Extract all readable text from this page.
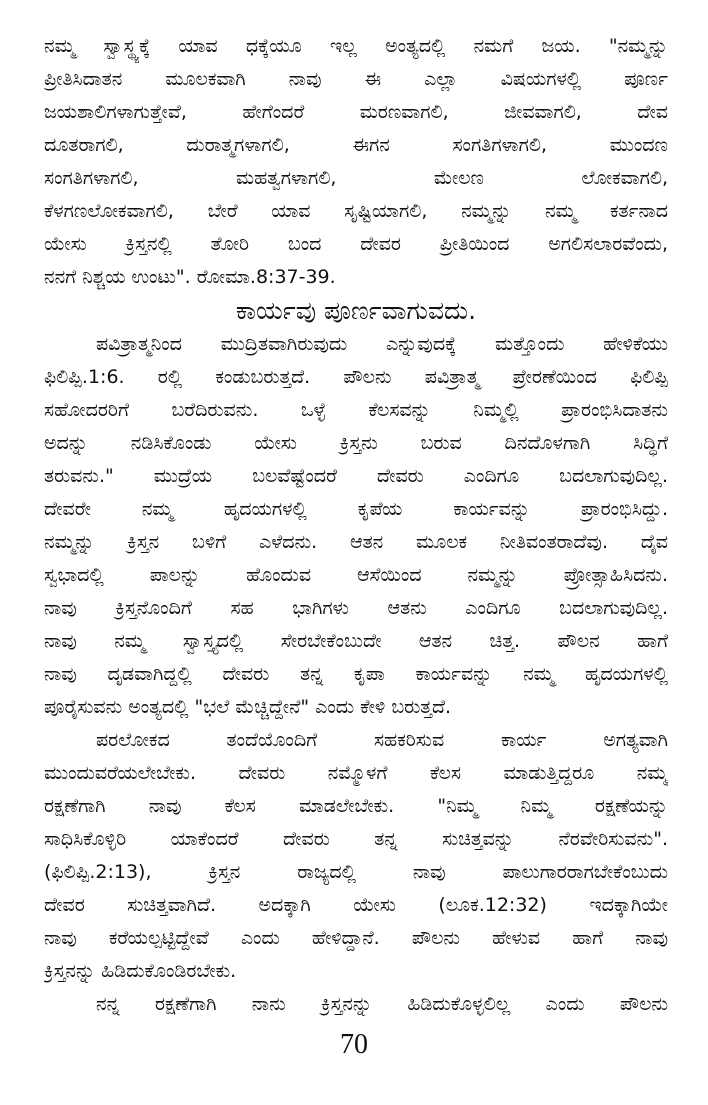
ನಮ್ಮ ಸ್ವಾಸ್ಥ್ಯಕ್ಕೆ ಯಾವ ಧಕ್ಕೆಯೂ ಇಲ್ಲ ಅಂತ್ಯದಲ್ಲಿ ನಮಗೆ ಜಯ. "ನಮ್ಮನ್ನು
ಪ್ರೀತಿಸಿದಾತನ ಮೂಲಕವಾಗಿ ನಾವು ಈ ಎಲ್ಲಾ ವಿಷಯಗಳಲ್ಲಿ ಪೂರ್ಣ
ಜಯಶಾಲಿಗಳಾಗುತ್ತೇವೆ, ಹೇಗೆಂದರೆ ಮರಣವಾಗಲಿ, ಜೀವವಾಗಲಿ, ದೇವ
ದೂತರಾಗಲಿ, ದುರಾತ್ಮಗಳಾಗಲಿ, ಈಗನ ಸಂಗತಿಗಳಾಗಲಿ, ಮುಂದಣ
ಸಂಗತಿಗಳಾಗಲಿ, ಮಹತ್ವಗಳಾಗಲಿ, ಮೇಲಣ ಲೋಕವಾಗಲಿ,
ಕೆಳಗಣಲೋಕವಾಗಲಿ, ಬೇರೆ ಯಾವ ಸೃಷ್ಟಿಯಾಗಲಿ, ನಮ್ಮನ್ನು ನಮ್ಮ ಕರ್ತನಾದ
ಯೇಸು ಕ್ರಿಸ್ತನಲ್ಲಿ ತೋರಿ ಬಂದ ದೇವರ ಪ್ರೀತಿಯಿಂದ ಅಗಲಿಸಲಾರವೆಂದು,
ನನಗೆ ನಿಶ್ಚಯ ಉಂಟು". ರೋಮಾ.8:37-39.
ಕಾರ್ಯವು ಪೂರ್ಣವಾಗುವದು.
ಪವಿತ್ರಾತ್ಮನಿಂದ ಮುದ್ರಿತವಾಗಿರುವುದು ಎನ್ನುವುದಕ್ಕೆ ಮತ್ತೊಂದು ಹೇಳಿಕೆಯು
ಫಿಲಿಪ್ಪಿ.1:6. ರಲ್ಲಿ ಕಂಡುಬರುತ್ತದೆ. ಪೌಲನು ಪವಿತ್ರಾತ್ಮ ಪ್ರೇರಣೆಯಿಂದ ಫಿಲಿಪ್ಪಿ
ಸಹೋದರರಿಗೆ ಬರೆದಿರುವನು. ಒಳ್ಳೆ ಕೆಲಸವನ್ನು ನಿಮ್ಮಲ್ಲಿ ಪ್ರಾರಂಭಿಸಿದಾತನು
ಅದನ್ನು ನಡಿಸಿಕೊಂಡು ಯೇಸು ಕ್ರಿಸ್ತನು ಬರುವ ದಿನದೊಳಗಾಗಿ ಸಿದ್ಧಿಗೆ
ತರುವನು." ಮುದ್ರೆಯ ಬಲವೆಷ್ಟೆಂದರೆ ದೇವರು ಎಂದಿಗೂ ಬದಲಾಗುವುದಿಲ್ಲ.
ದೇವರೇ ನಮ್ಮ ಹೃದಯಗಳಲ್ಲಿ ಕೃಪೆಯ ಕಾರ್ಯವನ್ನು ಪ್ರಾರಂಭಿಸಿದ್ದು.
ನಮ್ಮನ್ನು ಕ್ರಿಸ್ತನ ಬಳಿಗೆ ಎಳೆದನು. ಆತನ ಮೂಲಕ ನೀತಿವಂತರಾದೆವು. ದೈವ
ಸ್ವಭಾದಲ್ಲಿ ಪಾಲನ್ನು ಹೊಂದುವ ಆಸೆಯಿಂದ ನಮ್ಮನ್ನು ಪ್ರೋತ್ಸಾಹಿಸಿದನು.
ನಾವು ಕ್ರಿಸ್ತನೊಂದಿಗೆ ಸಹ ಭಾಗಿಗಳು ಆತನು ಎಂದಿಗೂ ಬದಲಾಗುವುದಿಲ್ಲ.
ನಾವು ನಮ್ಮ ಸ್ವಾಸ್ತ್ಯದಲ್ಲಿ ಸೇರಬೇಕೆಂಬುದೇ ಆತನ ಚಿತ್ತ. ಪೌಲನ ಹಾಗೆ
ನಾವು ದೃಡವಾಗಿದ್ದಲ್ಲಿ ದೇವರು ತನ್ನ ಕೃಪಾ ಕಾರ್ಯವನ್ನು ನಮ್ಮ ಹೃದಯಗಳಲ್ಲಿ
ಪೂರೈಸುವನು ಅಂತ್ಯದಲ್ಲಿ "ಭಲೆ ಮೆಚ್ಚಿದ್ದೇನೆ" ಎಂದು ಕೇಳಿ ಬರುತ್ತದೆ.
ಪರಲೋಕದ ತಂದೆಯೊಂದಿಗೆ ಸಹಕರಿಸುವ ಕಾರ್ಯ ಅಗತ್ಯವಾಗಿ
ಮುಂದುವರೆಯಲೇಬೇಕು. ದೇವರು ನಮ್ಮೊಳಗೆ ಕೆಲಸ ಮಾಡುತ್ತಿದ್ದರೂ ನಮ್ಮ
ರಕ್ಷಣೆಗಾಗಿ ನಾವು ಕೆಲಸ ಮಾಡಲೇಬೇಕು. "ನಿಮ್ಮ ನಿಮ್ಮ ರಕ್ಷಣೆಯನ್ನು
ಸಾಧಿಸಿಕೊಳ್ಳಿರಿ ಯಾಕೆಂದರೆ ದೇವರು ತನ್ನ ಸುಚಿತ್ತವನ್ನು ನೆರವೇರಿಸುವನು".
(ಫಿಲಿಪ್ಪಿ.2:13), ಕ್ರಿಸ್ತನ ರಾಜ್ಯದಲ್ಲಿ ನಾವು ಪಾಲುಗಾರರಾಗಬೇಕೆಂಬುದು
ದೇವರ ಸುಚಿತ್ತವಾಗಿದೆ. ಅದಕ್ಕಾಗಿ ಯೇಸು (ಲೂಕ.12:32) ಇದಕ್ಕಾಗಿಯೇ
ನಾವು ಕರೆಯಲ್ಪಟ್ಟಿದ್ದೇವೆ ಎಂದು ಹೇಳಿದ್ದಾನೆ. ಪೌಲನು ಹೇಳುವ ಹಾಗೆ ನಾವು
ಕ್ರಿಸ್ತನನ್ನು ಹಿಡಿದುಕೊಂಡಿರಬೇಕು.
ನನ್ನ ರಕ್ಷಣೆಗಾಗಿ ನಾನು ಕ್ರಿಸ್ತನನ್ನು ಹಿಡಿದುಕೊಳ್ಳಲಿಲ್ಲ ಎಂದು ಪೌಲನು
70
